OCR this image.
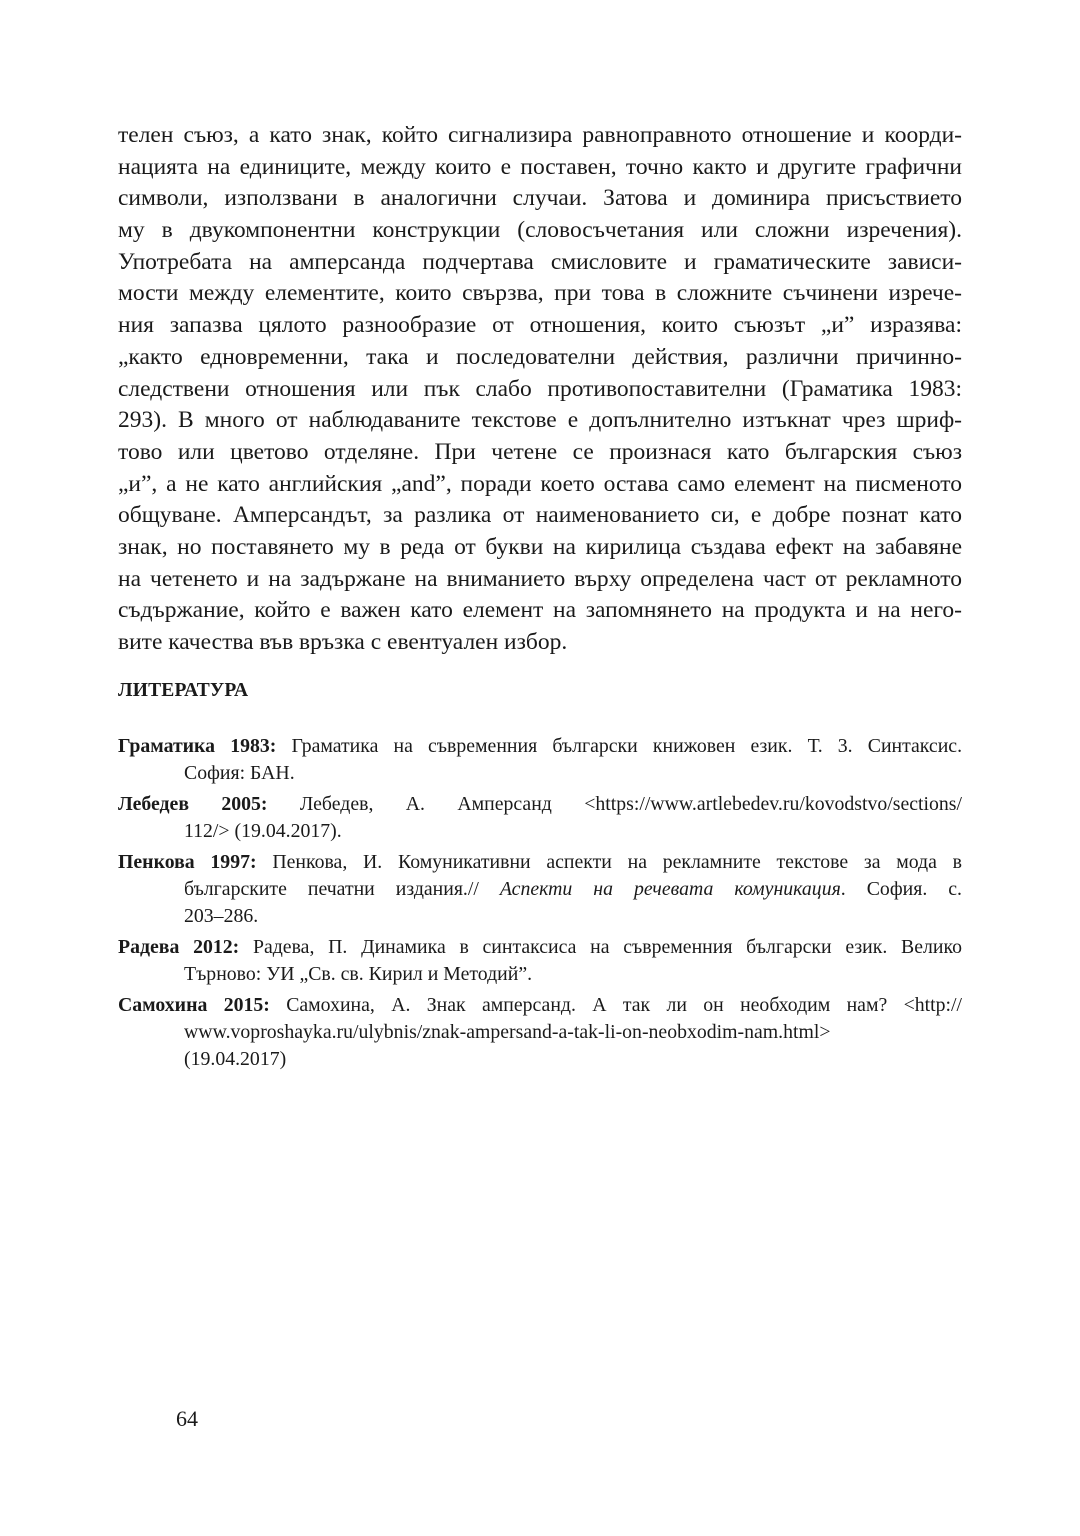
телен съюз, а като знак, който сигнализира равноправното отношение и коорди-
нацията на единиците, между които е поставен, точно както и другите графични
символи, използвани в аналогични случаи. Затова и доминира присъствието
му в двукомпонентни конструкции (словосъчетания или сложни изречения).
Употребата на амперсанда подчертава смисловите и граматическите зависи-
мости между елементите, които свързва, при това в сложните съчинени изрече-
ния запазва цялото разнообразие от отношения, които съюзът „и” изразява:
„както едновременни, така и последователни действия, различни причинно-
следствени отношения или пък слабо противопоставителни (Граматика 1983:
293). В много от наблюдаваните текстове е допълнително изтъкнат чрез шриф-
тово или цветово отделяне. При четене се произнася като българския съюз
„и”, а не като английския „and”, поради което остава само елемент на писменото
общуване. Амперсандът, за разлика от наименованието си, е добре познат като
знак, но поставянето му в реда от букви на кирилица създава ефект на забавяне
на четенето и на задържане на вниманието върху определена част от рекламното
съдържание, който е важен като елемент на запомнянето на продукта и на него-
вите качества във връзка с евентуален избор.
ЛИТЕРАТУРА
Граматика 1983: Граматика на съвременния български книжовен език. Т. 3. Синтаксис.
София: БАН.
Лебедев 2005: Лебедев, А. Амперсанд <https://www.artlebedev.ru/kovodstvo/sections/
112/> (19.04.2017).
Пенкова 1997: Пенкова, И. Комуникативни аспекти на рекламните текстове за мода в
българските печатни издания.// Аспекти на речевата комуникация. София. с.
203–286.
Радева 2012: Радева, П. Динамика в синтаксиса на съвременния български език. Велико
Търново: УИ „Св. св. Кирил и Методий”.
Самохина 2015: Самохина, А. Знак амперсанд. А так ли он необходим нам? <http://
www.voproshayka.ru/ulybnis/znak-ampersand-a-tak-li-on-neobxodim-nam.html>
(19.04.2017)
64
